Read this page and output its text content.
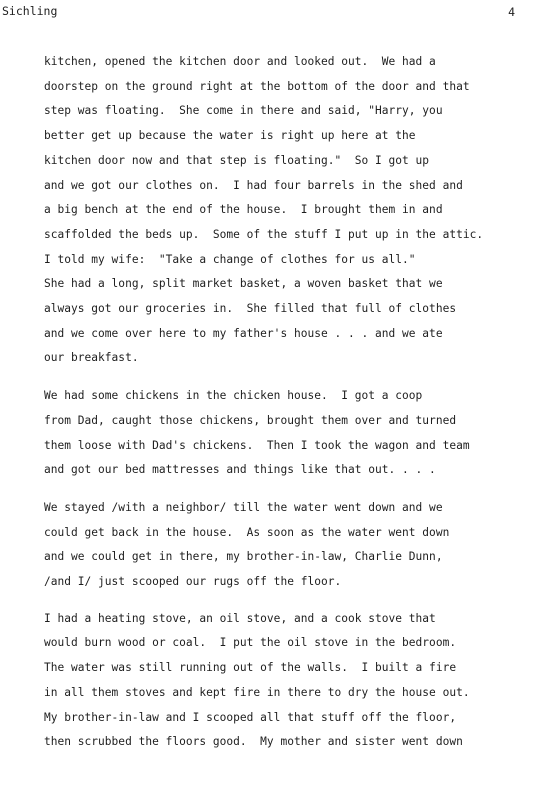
Sichling	4
kitchen, opened the kitchen door and looked out.  We had a
doorstep on the ground right at the bottom of the door and that
step was floating.  She come in there and said, "Harry, you
better get up because the water is right up here at the
kitchen door now and that step is floating."  So I got up
and we got our clothes on.  I had four barrels in the shed and
a big bench at the end of the house.  I brought them in and
scaffolded the beds up.  Some of the stuff I put up in the attic.
I told my wife:  "Take a change of clothes for us all."
She had a long, split market basket, a woven basket that we
always got our groceries in.  She filled that full of clothes
and we come over here to my father's house . . . and we ate
our breakfast.
We had some chickens in the chicken house.  I got a coop
from Dad, caught those chickens, brought them over and turned
them loose with Dad's chickens.  Then I took the wagon and team
and got our bed mattresses and things like that out. . . .
We stayed /with a neighbor/ till the water went down and we
could get back in the house.  As soon as the water went down
and we could get in there, my brother-in-law, Charlie Dunn,
/and I/ just scooped our rugs off the floor.
I had a heating stove, an oil stove, and a cook stove that
would burn wood or coal.  I put the oil stove in the bedroom.
The water was still running out of the walls.  I built a fire
in all them stoves and kept fire in there to dry the house out.
My brother-in-law and I scooped all that stuff off the floor,
then scrubbed the floors good.  My mother and sister went down
